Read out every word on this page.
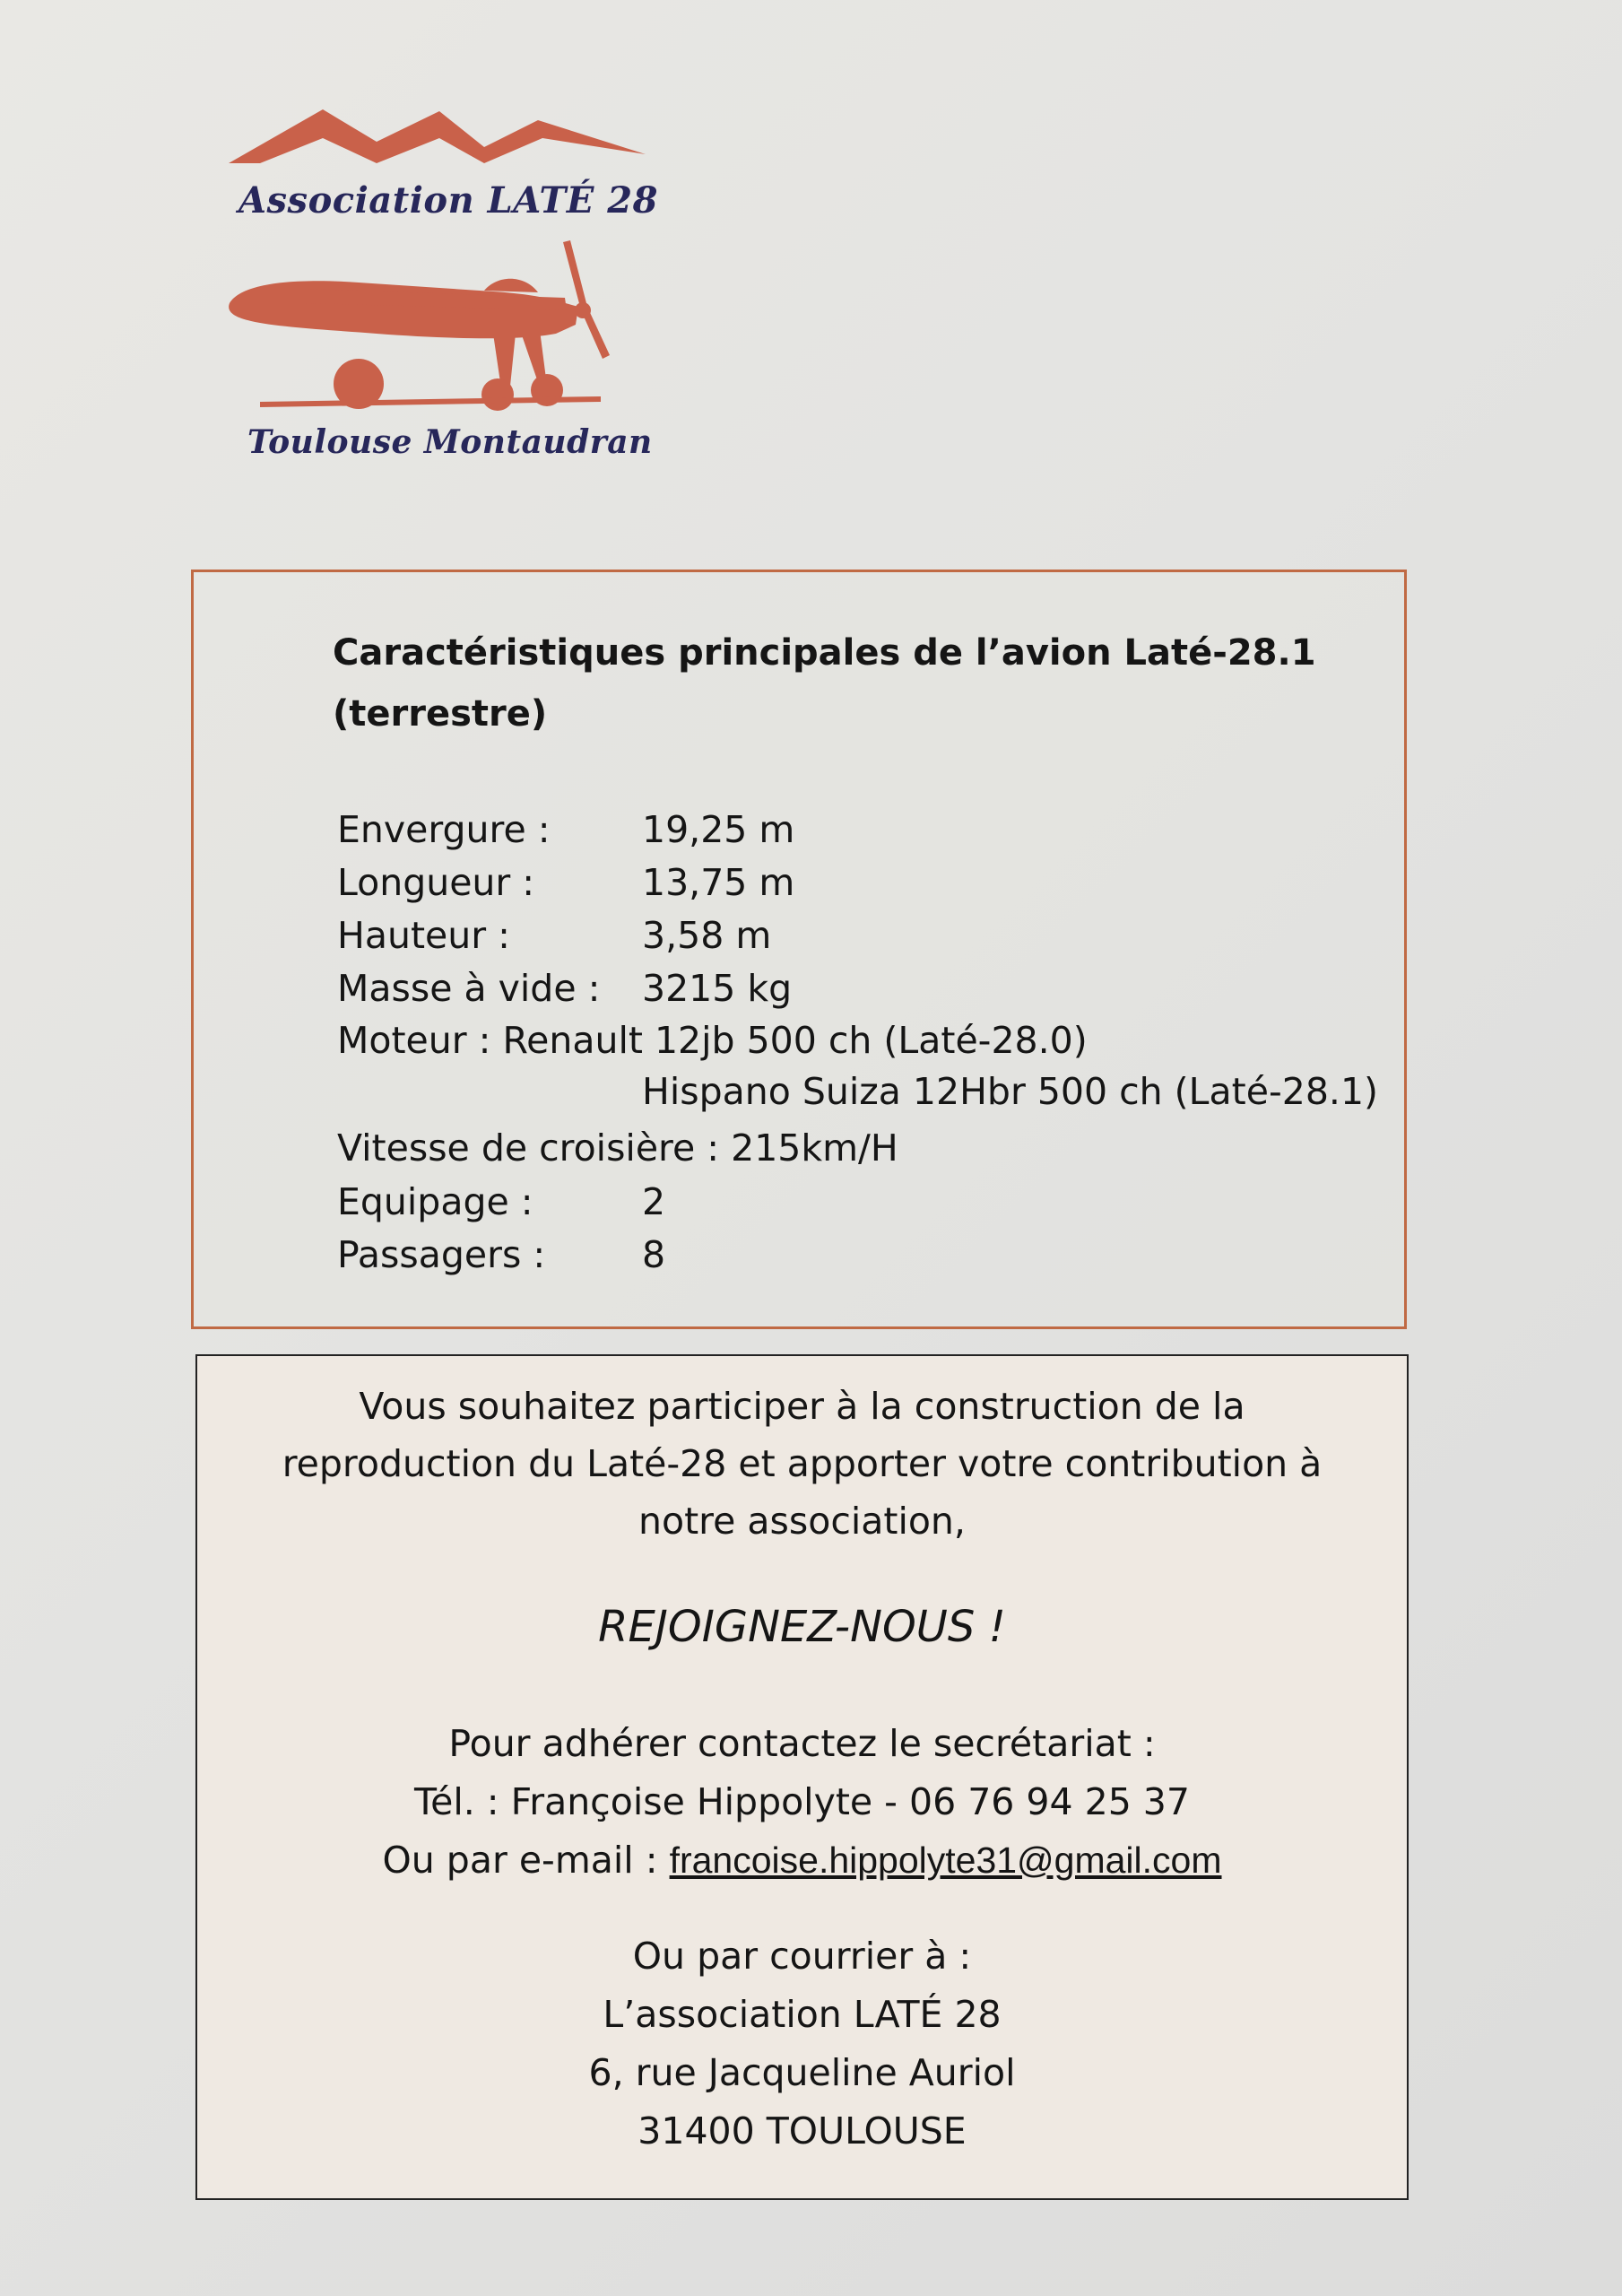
Association LATÉ 28
Toulouse Montaudran
Caractéristiques principales de l’avion Laté-28.1
(terrestre)
Envergure : 19,25 m
Longueur :	13,75 m
Hauteur :	3,58 m
Masse à vide : 3215 kg
Moteur : Renault 12jb 500 ch (Laté-28.0)
Hispano Suiza 12Hbr 500 ch (Laté-28.1)
Vitesse de croisière : 215km/H
Equipage :	2
Passagers :	8
Vous souhaitez participer à la construction de la
reproduction du Laté-28 et apporter votre contribution à
notre association,
REJOIGNEZ-NOUS !
Pour adhérer contactez le secrétariat :
Tél. : Françoise Hippolyte - 06 76 94 25 37
Ou par e-mail : francoise.hippolyte31@gmail.com
Ou par courrier à :
L’association LATÉ 28
6, rue Jacqueline Auriol
31400 TOULOUSE
